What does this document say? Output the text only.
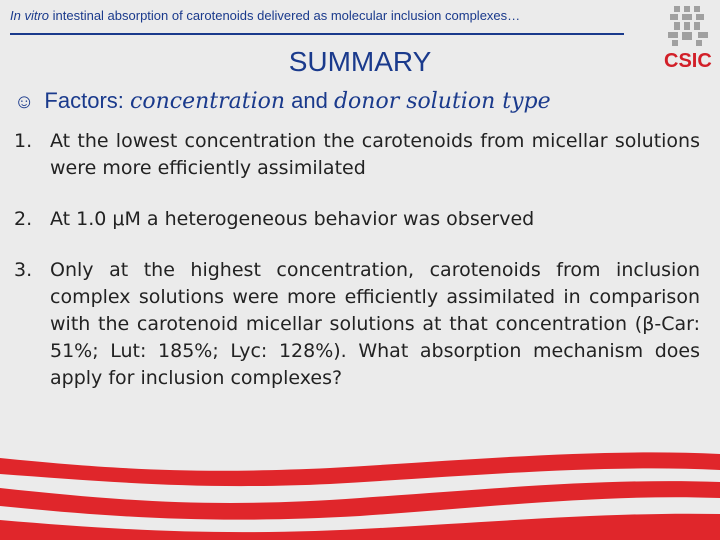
In vitro intestinal absorption of carotenoids delivered as molecular inclusion complexes…
CSIC
SUMMARY
☺ Factors: concentration and donor solution type
1. At the lowest concentration the carotenoids from micellar solutions were more efficiently assimilated
2. At 1.0 μM a heterogeneous behavior was observed
3. Only at the highest concentration, carotenoids from inclusion complex solutions were more efficiently assimilated in comparison with the carotenoid micellar solutions at that concentration (β-Car: 51%; Lut: 185%; Lyc: 128%). What absorption mechanism does apply for inclusion complexes?
